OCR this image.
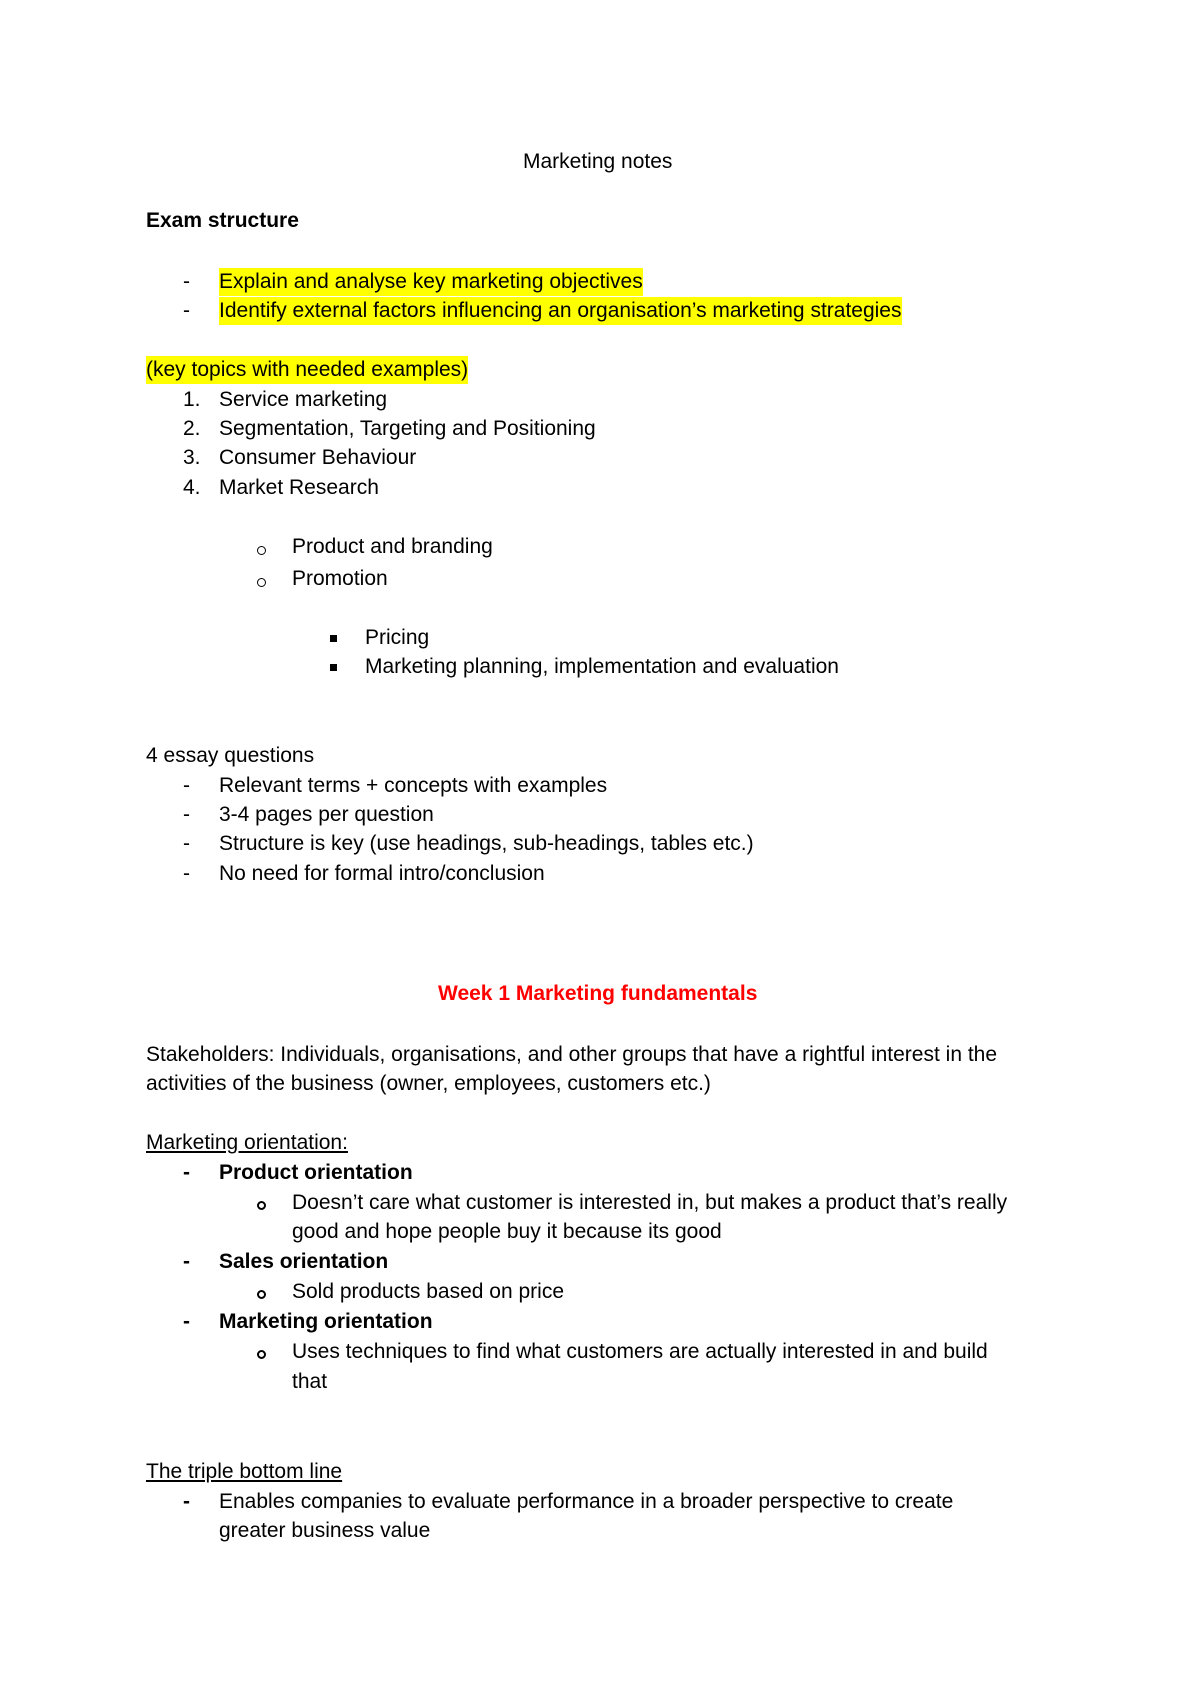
Marketing notes
Exam structure
- Explain and analyse key marketing objectives
- Identify external factors influencing an organisation’s marketing strategies
(key topics with needed examples)
1. Service marketing
2. Segmentation, Targeting and Positioning
3. Consumer Behaviour
4. Market Research
Product and branding
Promotion
Pricing
Marketing planning, implementation and evaluation
4 essay questions
- Relevant terms + concepts with examples
- 3-4 pages per question
- Structure is key (use headings, sub-headings, tables etc.)
- No need for formal intro/conclusion
Week 1 Marketing fundamentals
Stakeholders: Individuals, organisations, and other groups that have a rightful interest in the
activities of the business (owner, employees, customers etc.)
Marketing orientation:
- Product orientation
Doesn’t care what customer is interested in, but makes a product that’s really
good and hope people buy it because its good
- Sales orientation
Sold products based on price
- Marketing orientation
Uses techniques to find what customers are actually interested in and build
that
The triple bottom line
- Enables companies to evaluate performance in a broader perspective to create
greater business value
